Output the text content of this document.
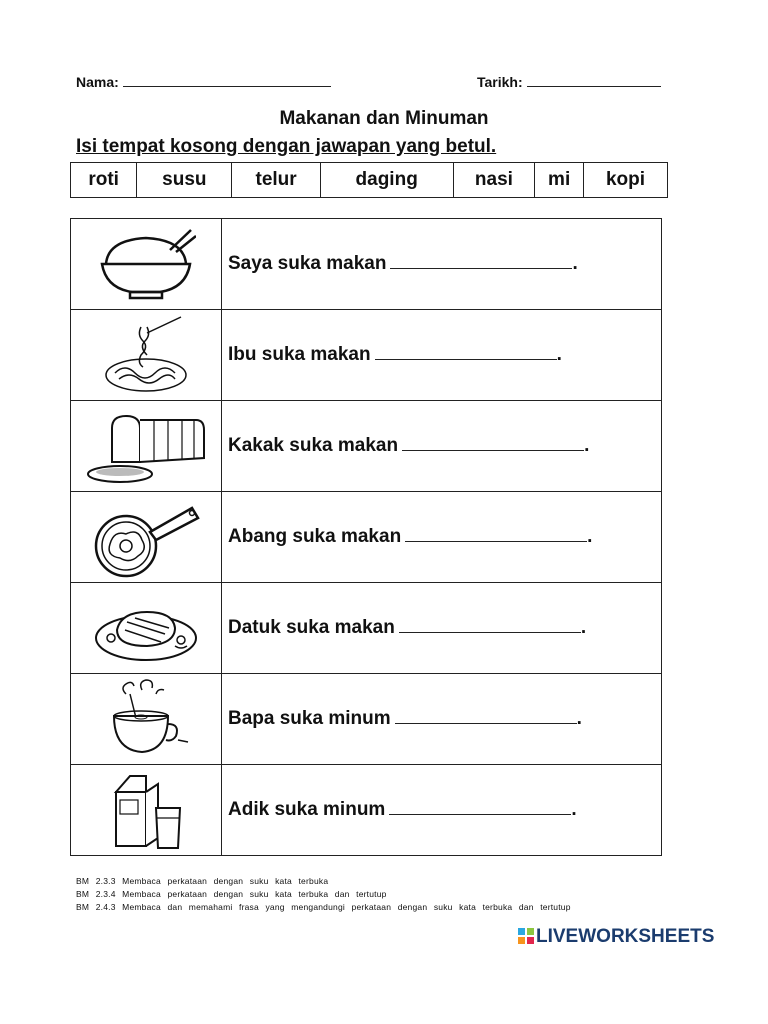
Nama:	Tarikh:
Makanan dan Minuman
Isi tempat kosong dengan jawapan yang betul.
roti	susu	telur	daging	nasi	mi	kopi
	Saya suka makan .

	Ibu suka makan .

	Kakak suka makan .

	Abang suka makan .

	Datuk suka makan .

	Bapa suka minum .

	Adik suka minum .
BM 2.3.3 Membaca perkataan dengan suku kata terbuka
BM 2.3.4 Membaca perkataan dengan suku kata terbuka dan tertutup
BM 2.4.3 Membaca dan memahami frasa yang mengandungi perkataan dengan suku kata terbuka dan tertutup
LIVEWORKSHEETS
